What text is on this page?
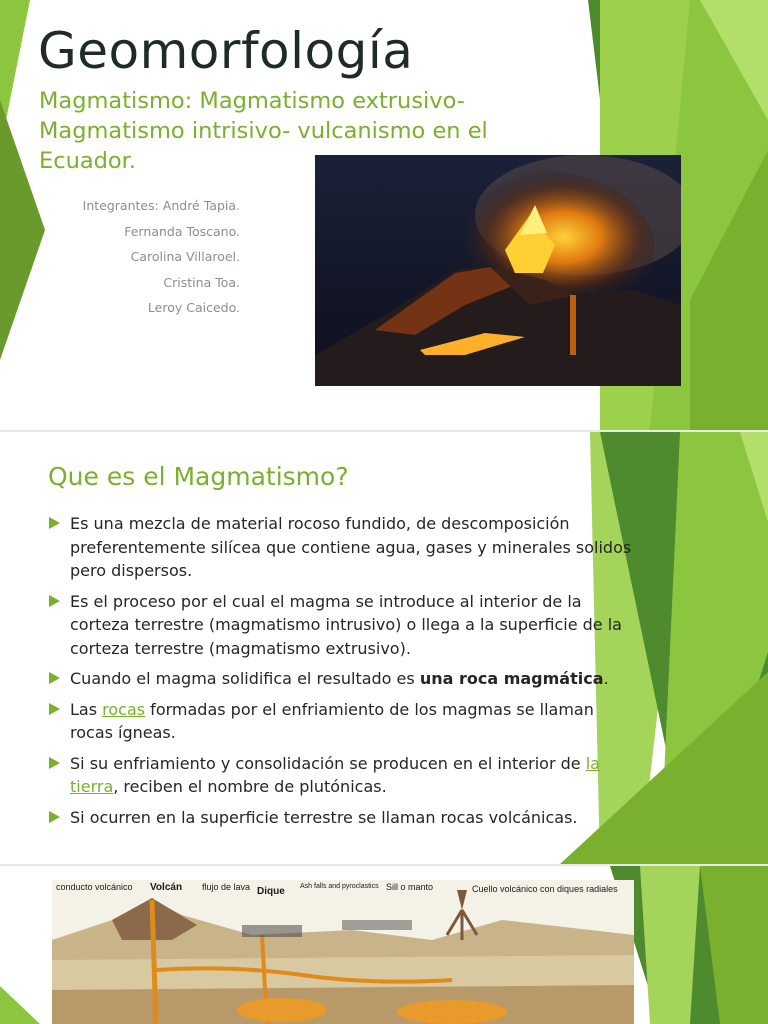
Geomorfología

Magmatismo: Magmatismo extrusivo- Magmatismo intrisivo- vulcanismo en el Ecuador.

Integrantes: André Tapia.
Fernanda Toscano.
Carolina Villaroel.
Cristina Toa.
Leroy Caicedo.
Que es el Magmatismo?
Es una mezcla de material rocoso fundido, de descomposición preferentemente silícea que contiene agua, gases y minerales solidos pero dispersos.
Es el proceso por el cual el magma se introduce al interior de la corteza terrestre (magmatismo intrusivo) o llega a la superficie de la corteza terrestre (magmatismo extrusivo).
Cuando el magma solidifica el resultado es una roca magmática.
Las rocas formadas por el enfriamiento de los magmas se llaman rocas ígneas.
Si su enfriamiento y consolidación se producen en el interior de la tierra, reciben el nombre de plutónicas.
Si ocurren en la superficie terrestre se llaman rocas volcánicas.
conducto volcánico Volcán flujo de lava Dique Ash falls and pyroclastics Sill o manto	Cuello volcánico con diques radiales
